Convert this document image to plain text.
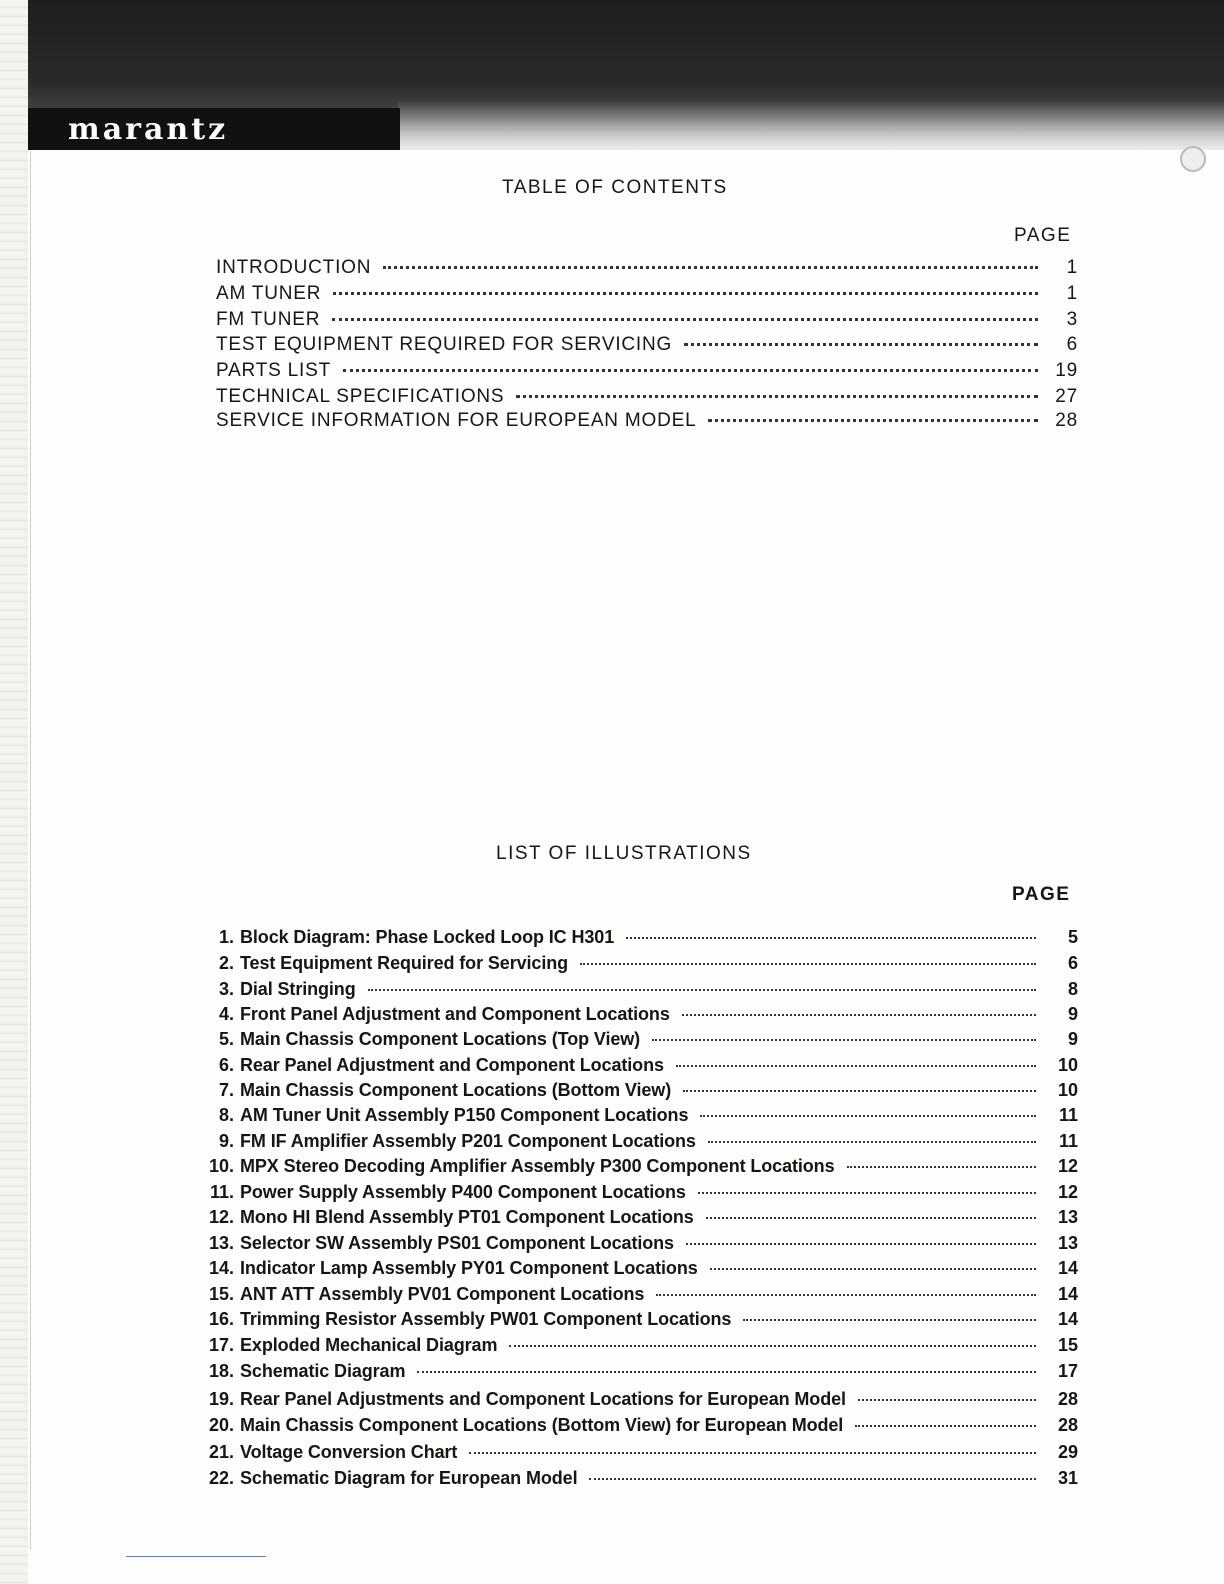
marantz
TABLE OF CONTENTS
PAGE
INTRODUCTION	1
AM TUNER	1
FM TUNER	3
TEST EQUIPMENT REQUIRED FOR SERVICING	6
PARTS LIST	19
TECHNICAL SPECIFICATIONS	27
SERVICE INFORMATION FOR EUROPEAN MODEL	28
LIST OF ILLUSTRATIONS
PAGE
1. Block Diagram: Phase Locked Loop IC H301	5
2. Test Equipment Required for Servicing	6
3. Dial Stringing	8
4. Front Panel Adjustment and Component Locations	9
5. Main Chassis Component Locations (Top View)	9
6. Rear Panel Adjustment and Component Locations	10
7. Main Chassis Component Locations (Bottom View)	10
8. AM Tuner Unit Assembly P150 Component Locations	11
9. FM IF Amplifier Assembly P201 Component Locations	11
10. MPX Stereo Decoding Amplifier Assembly P300 Component Locations	12
11. Power Supply Assembly P400 Component Locations	12
12. Mono HI Blend Assembly PT01 Component Locations	13
13. Selector SW Assembly PS01 Component Locations	13
14. Indicator Lamp Assembly PY01 Component Locations	14
15. ANT ATT Assembly PV01 Component Locations	14
16. Trimming Resistor Assembly PW01 Component Locations	14
17. Exploded Mechanical Diagram	15
18. Schematic Diagram	17
19. Rear Panel Adjustments and Component Locations for European Model	28
20. Main Chassis Component Locations (Bottom View) for European Model	28
21. Voltage Conversion Chart	29
22. Schematic Diagram for European Model	31
